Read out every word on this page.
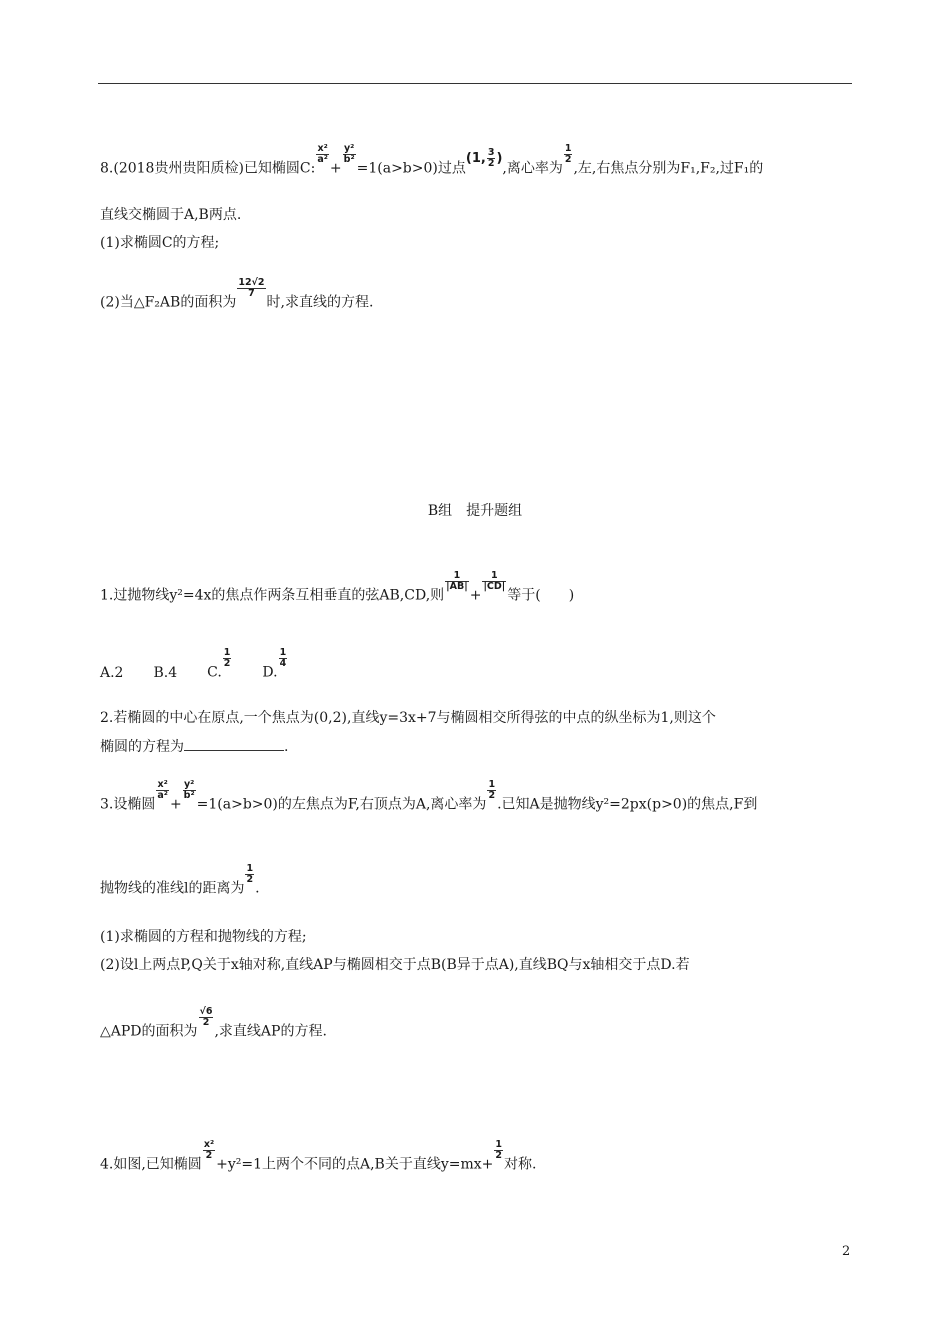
8.(2018贵州贵阳质检)已知椭圆C:
$\frac{\text{x²}}{\text{a²}}$
+
$\frac{\text{y²}}{\text{b²}}$
=1(a>b>0)过点(1, $\frac{3}{2}$ ),离心率为
$\frac{1}{2}$
,左,右焦点分别为F₁,F₂,过F₁的
直线交椭圆于A,B两点.
(1)求椭圆C的方程;
(2)当△F₂AB的面积为
$\frac{12√2}{7}$
时,求直线的方程.
B组　提升题组
1.过抛物线y²=4x的焦点作两条互相垂直的弦AB,CD,则
$\frac{1}{|AB|}$
+
$\frac{1}{|CD|}$
等于(　　)
A.2 B.4 C.
$\frac{1}{2}$
D.
$\frac{1}{4}$
2.若椭圆的中心在原点,一个焦点为(0,2),直线y=3x+7与椭圆相交所得弦的中点的纵坐标为1,则这个
椭圆的方程为	.
3.设椭圆
$\frac{\text{x²}}{\text{a²}}$
+
$\frac{\text{y²}}{\text{b²}}$
=1(a>b>0)的左焦点为F,右顶点为A,离心率为
$\frac{1}{2}$
.已知A是抛物线y²=2px(p>0)的焦点,F到
抛物线的准线l的距离为
$\frac{1}{2}$
.
(1)求椭圆的方程和抛物线的方程;
(2)设l上两点P,Q关于x轴对称,直线AP与椭圆相交于点B(B异于点A),直线BQ与x轴相交于点D.若
△APD的面积为
$\frac{√6}{2}$
,求直线AP的方程.
4.如图,已知椭圆
$\frac{\text{x²}}{2}$
+y²=1上两个不同的点A,B关于直线y=mx+
$\frac{1}{2}$
对称.
2
